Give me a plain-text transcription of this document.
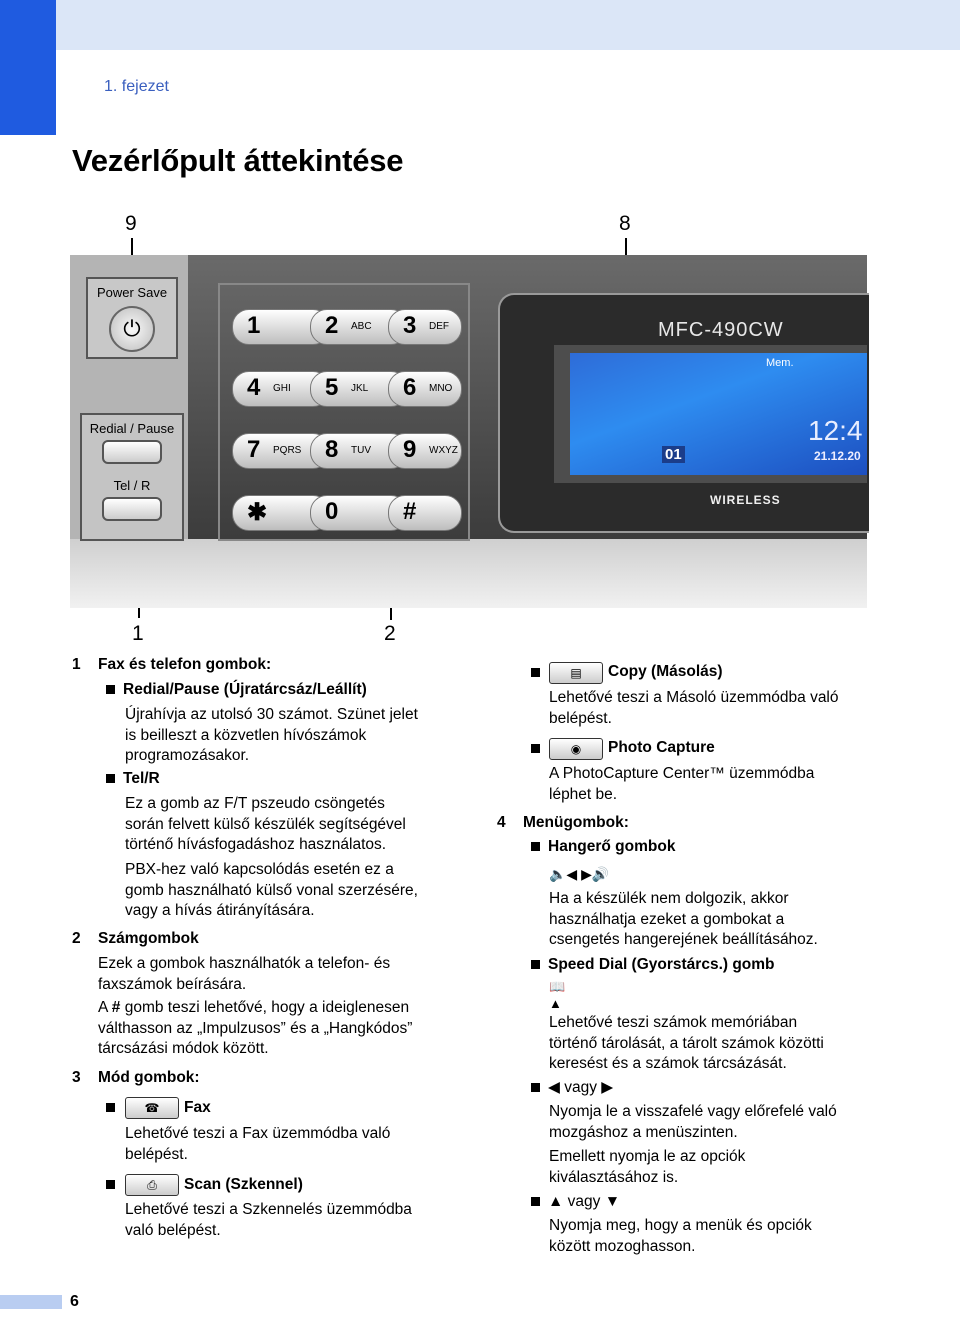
1. fejezet
Vezérlőpult áttekintése
9	8
1	2
Power Save
⏻
Redial / Pause
Tel / R
1	2 ABC 3 DEF
4 GHI 5 JKL 6 MNO
7 PQRS 8 TUV 9 WXYZ
✱ 0	#
MFC-490CW
Mem.
01
12:4
21.12.20
WIRELESS
1 Fax és telefon gombok:
Redial/Pause (Újratárcsáz/Leállít)
Újrahívja az utolsó 30 számot. Szünet jelet
is beilleszt a közvetlen hívószámok
programozásakor.
Tel/R
Ez a gomb az F/T pszeudo csöngetés
során felvett külső készülék segítségével
történő hívásfogadáshoz használatos.
PBX-hez való kapcsolódás esetén ez a
gomb használható külső vonal szerzésére,
vagy a hívás átirányítására.
2 Számgombok
Ezek a gombok használhatók a telefon- és
faxszámok beírására.
A # gomb teszi lehetővé, hogy a ideiglenesen
válthasson az „Impulzusos” és a „Hangkódos”
tárcsázási módok között.
3 Mód gombok:
☎	Fax
Lehetővé teszi a Fax üzemmódba való
belépést.
⎙	Scan (Szkennel)
Lehetővé teszi a Szkennelés üzemmódba
való belépést.
▤	Copy (Másolás)
Lehetővé teszi a Másoló üzemmódba való
belépést.
◉	Photo Capture
A PhotoCapture Center™ üzemmódba
léphet be.
4 Menügombok:
Hangerő gombok
🔈◀ ▶🔊
Ha a készülék nem dolgozik, akkor
használhatja ezeket a gombokat a
csengetés hangerejének beállításához.
Speed Dial (Gyorstárcs.) gomb
📖
▲
Lehetővé teszi számok memóriában
történő tárolását, a tárolt számok közötti
keresést és a számok tárcsázását.
◀ vagy ▶
Nyomja le a visszafelé vagy előrefelé való
mozgáshoz a menüszinten.
Emellett nyomja le az opciók
kiválasztásához is.
▲ vagy ▼
Nyomja meg, hogy a menük és opciók
között mozoghasson.
6
